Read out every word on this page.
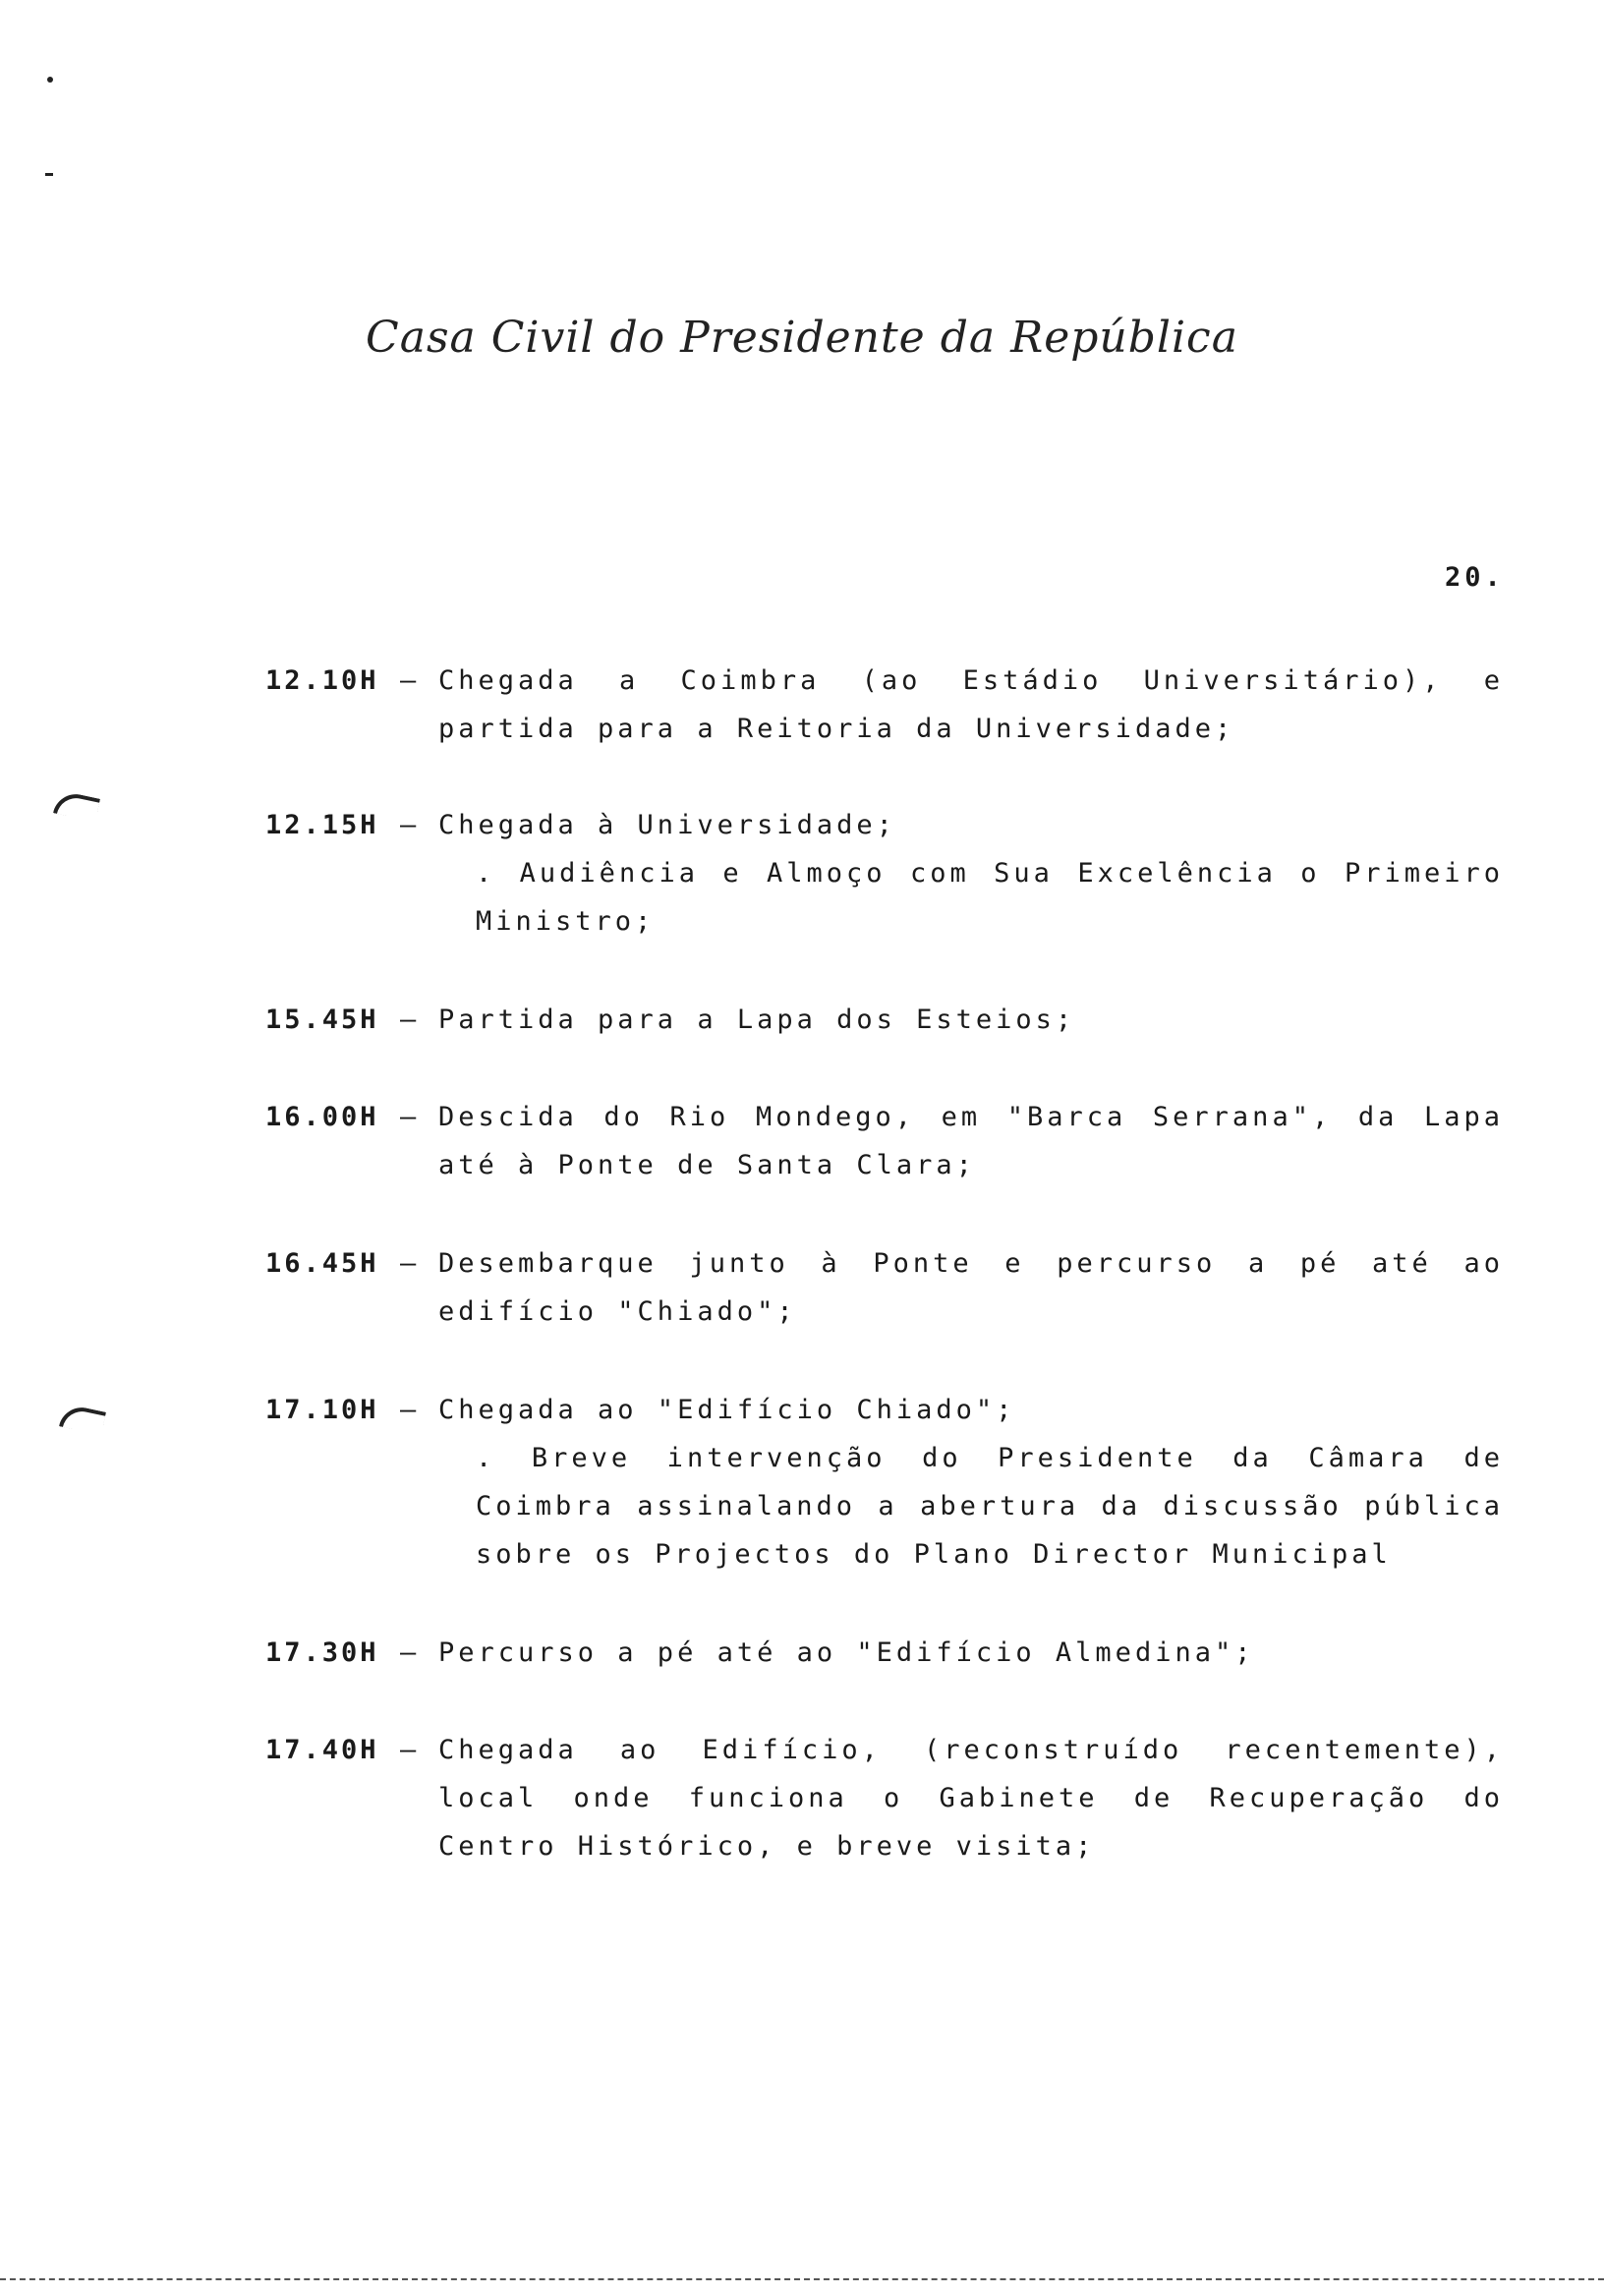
Casa Civil do Presidente da República
20.
12.10H – Chegada a Coimbra (ao Estádio Universitário), e partida para a Reitoria da Universidade;
12.15H – Chegada à Universidade;
. Audiência e Almoço com Sua Excelência o Primeiro Ministro;
15.45H – Partida para a Lapa dos Esteios;
16.00H – Descida do Rio Mondego, em "Barca Serrana", da Lapa até à Ponte de Santa Clara;
16.45H – Desembarque junto à Ponte e percurso a pé até ao edifício "Chiado";
17.10H – Chegada ao "Edifício Chiado";
. Breve intervenção do Presidente da Câmara de Coimbra assinalando a abertura da discussão pública sobre os Projectos do Plano Director Municipal
17.30H – Percurso a pé até ao "Edifício Almedina";
17.40H – Chegada ao Edifício, (reconstruído recentemente), local onde funciona o Gabinete de Recuperação do Centro Histórico, e breve visita;
